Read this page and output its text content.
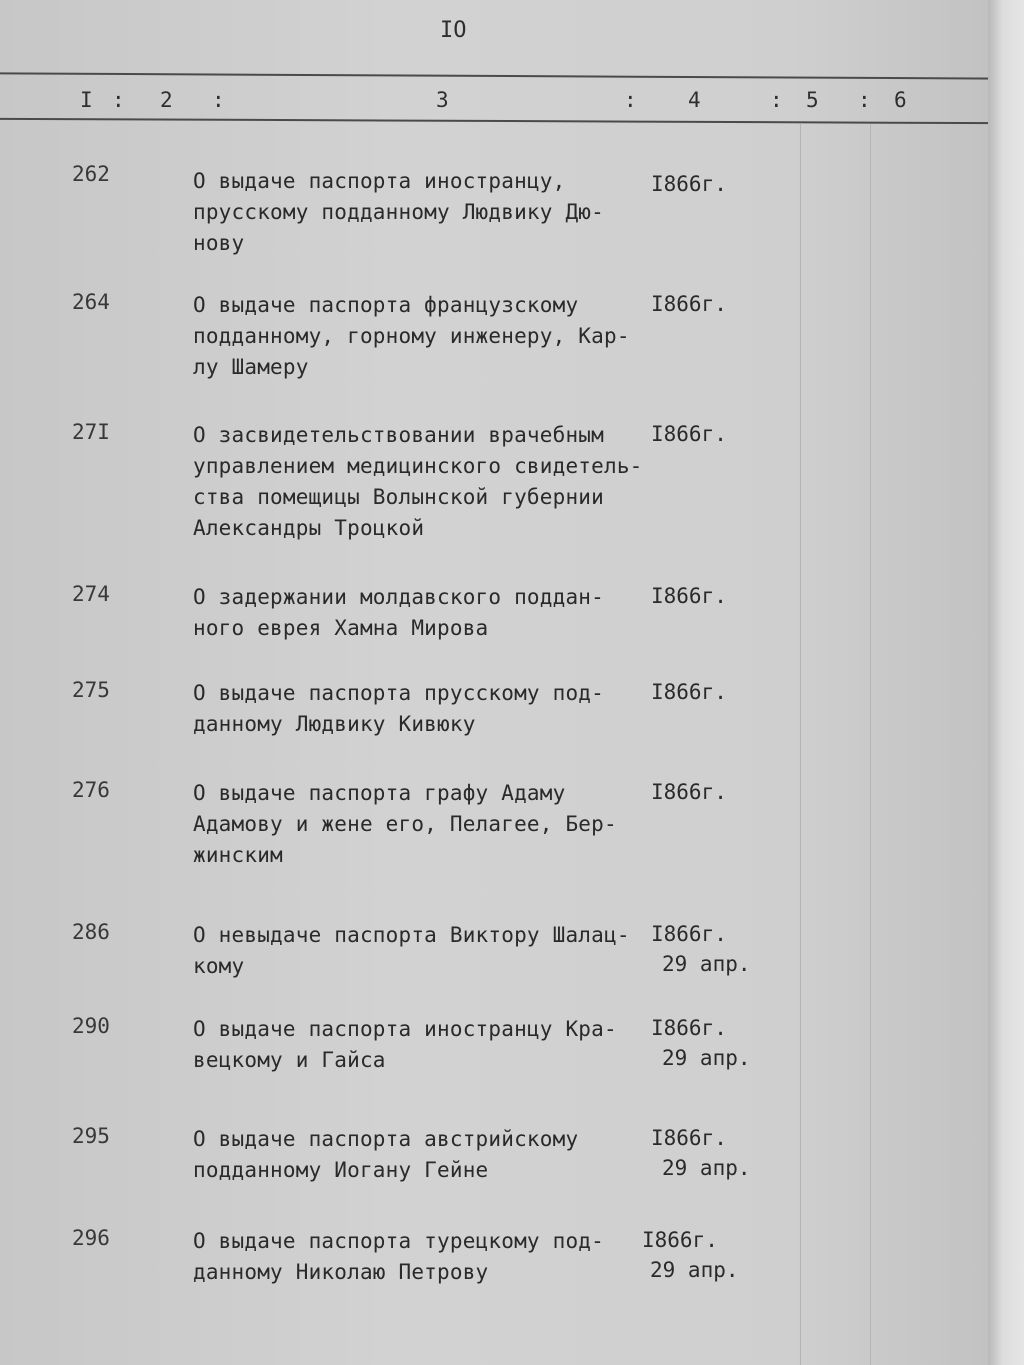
IO
I : 2 :	3	: 4	: 5 : 6
262	О выдаче паспорта иностранцу,
прусскому подданному Людвику Дю-
нову
I866г.
264	О выдаче паспорта французскому
подданному, горному инженеру, Кар-
лу Шамеру
I866г.
27I	О засвидетельствовании врачебным
управлением медицинского свидетель-
ства помещицы Волынской губернии
Александры Троцкой
I866г.
274	О задержании молдавского поддан-
ного еврея Хамна Мирова
I866г.
275	О выдаче паспорта прусскому под-
данному Людвику Кивюку
I866г.
276	О выдаче паспорта графу Адаму
Адамову и жене его, Пелагее, Бер-
жинским
I866г.
286	О невыдаче паспорта Виктору Шалац-
кому
I866г.
29 апр.
290	О выдаче паспорта иностранцу Кра-
вецкому и Гайса
I866г.
29 апр.
295	О выдаче паспорта австрийскому
подданному Иогану Гейне
I866г.
29 апр.
296	О выдаче паспорта турецкому под-
данному Николаю Петрову
I866г.
29 апр.
